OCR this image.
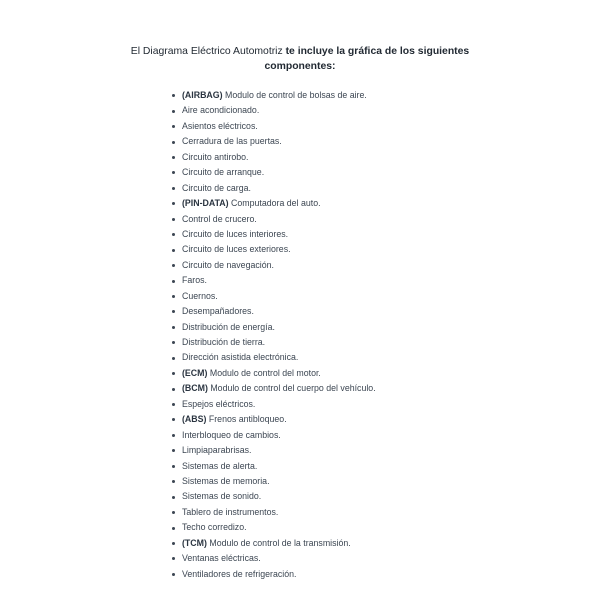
El Diagrama Eléctrico Automotriz te incluye la gráfica de los siguientes
componentes:
(AIRBAG) Modulo de control de bolsas de aire.
Aire acondicionado.
Asientos eléctricos.
Cerradura de las puertas.
Circuito antirobo.
Circuito de arranque.
Circuito de carga.
(PIN-DATA) Computadora del auto.
Control de crucero.
Circuito de luces interiores.
Circuito de luces exteriores.
Circuito de navegación.
Faros.
Cuernos.
Desempañadores.
Distribución de energía.
Distribución de tierra.
Dirección asistida electrónica.
(ECM) Modulo de control del motor.
(BCM) Modulo de control del cuerpo del vehículo.
Espejos eléctricos.
(ABS) Frenos antibloqueo.
Interbloqueo de cambios.
Limpiaparabrisas.
Sistemas de alerta.
Sistemas de memoria.
Sistemas de sonido.
Tablero de instrumentos.
Techo corredizo.
(TCM) Modulo de control de la transmisión.
Ventanas eléctricas.
Ventiladores de refrigeración.
